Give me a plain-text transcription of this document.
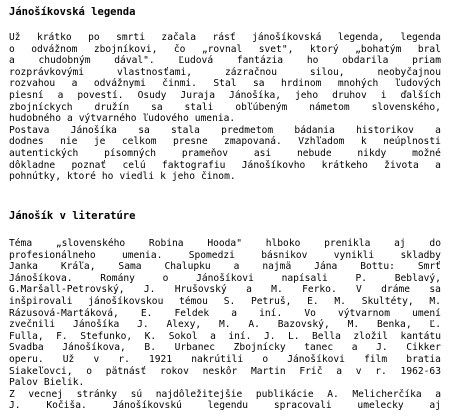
Jánošíkovská legenda
Už krátko po smrti začala rásť jánošíkovská legenda, legenda
o odvážnom zbojníkovi, čo „rovnal svet", ktorý „bohatým bral
a chudobným dával". Ľudová fantázia ho obdarila priam
rozprávkovými	vlastnosťami,	zázračnou	silou,	neobyčajnou
rozvahou a odvážnymi činmi. Stal sa hrdinom mnohých ľudových
piesní a povestí. Osudy Juraja Jánošíka, jeho druhov i ďalších
zbojníckych družín sa stali obľúbeným námetom slovenského,
hudobného a výtvarného ľudového umenia.
Postava Jánošíka sa stala predmetom bádania historikov a
dodnes nie je celkom presne zmapovaná. Vzhľadom k neúplnosti
autentických	písomných	prameňov	asi	nebude	nikdy	možné
dôkladne poznať celú faktografiu Jánošíkovho krátkeho života a
pohnútky, ktoré ho viedli k jeho činom.
Jánošík v literatúre
Téma „slovenského Robina Hooda" hlboko prenikla aj do
profesionálneho	umenia.	Spomedzi	básnikov	vynikli	skladby
Janka Kráľa, Sama Chalupku a najmä Jána Bottu: Smrť
Jánošíkova.	Romány	o	Jánošíkovi	napísali	P.	Beblavý,
G.Maršall-Petrovský, J. Hrušovský a M. Ferko. V dráme sa
inšpirovali jánošíkovskou témou S. Petruš, E. M. Škultéty, M.
Rázusová-Martáková, E. Feldek a iní. Vo výtvarnom umení
zvečnili Jánošíka J. Alexy, M. A. Bazovský, M. Benka, Ľ.
Fulla, F. Štefunko, K. Sokol a iní. J. L. Bella zložil kantátu
Svadba Jánošíkova, B. Urbanec Zbojnícky tanec a J. Cikker
operu. Už v r. 1921 nakrútili o Jánošíkovi film bratia
Siakeľovci, o pätnásť rokov neskôr Martin Frič a v r. 1962-63
Palov Bielik.
Z vecnej stránky sú najdôležitejšie publikácie A. Melicherčíka a
J.	Kočiša.	Jánošíkovskú	legendu	spracovali	umelecky	aj
